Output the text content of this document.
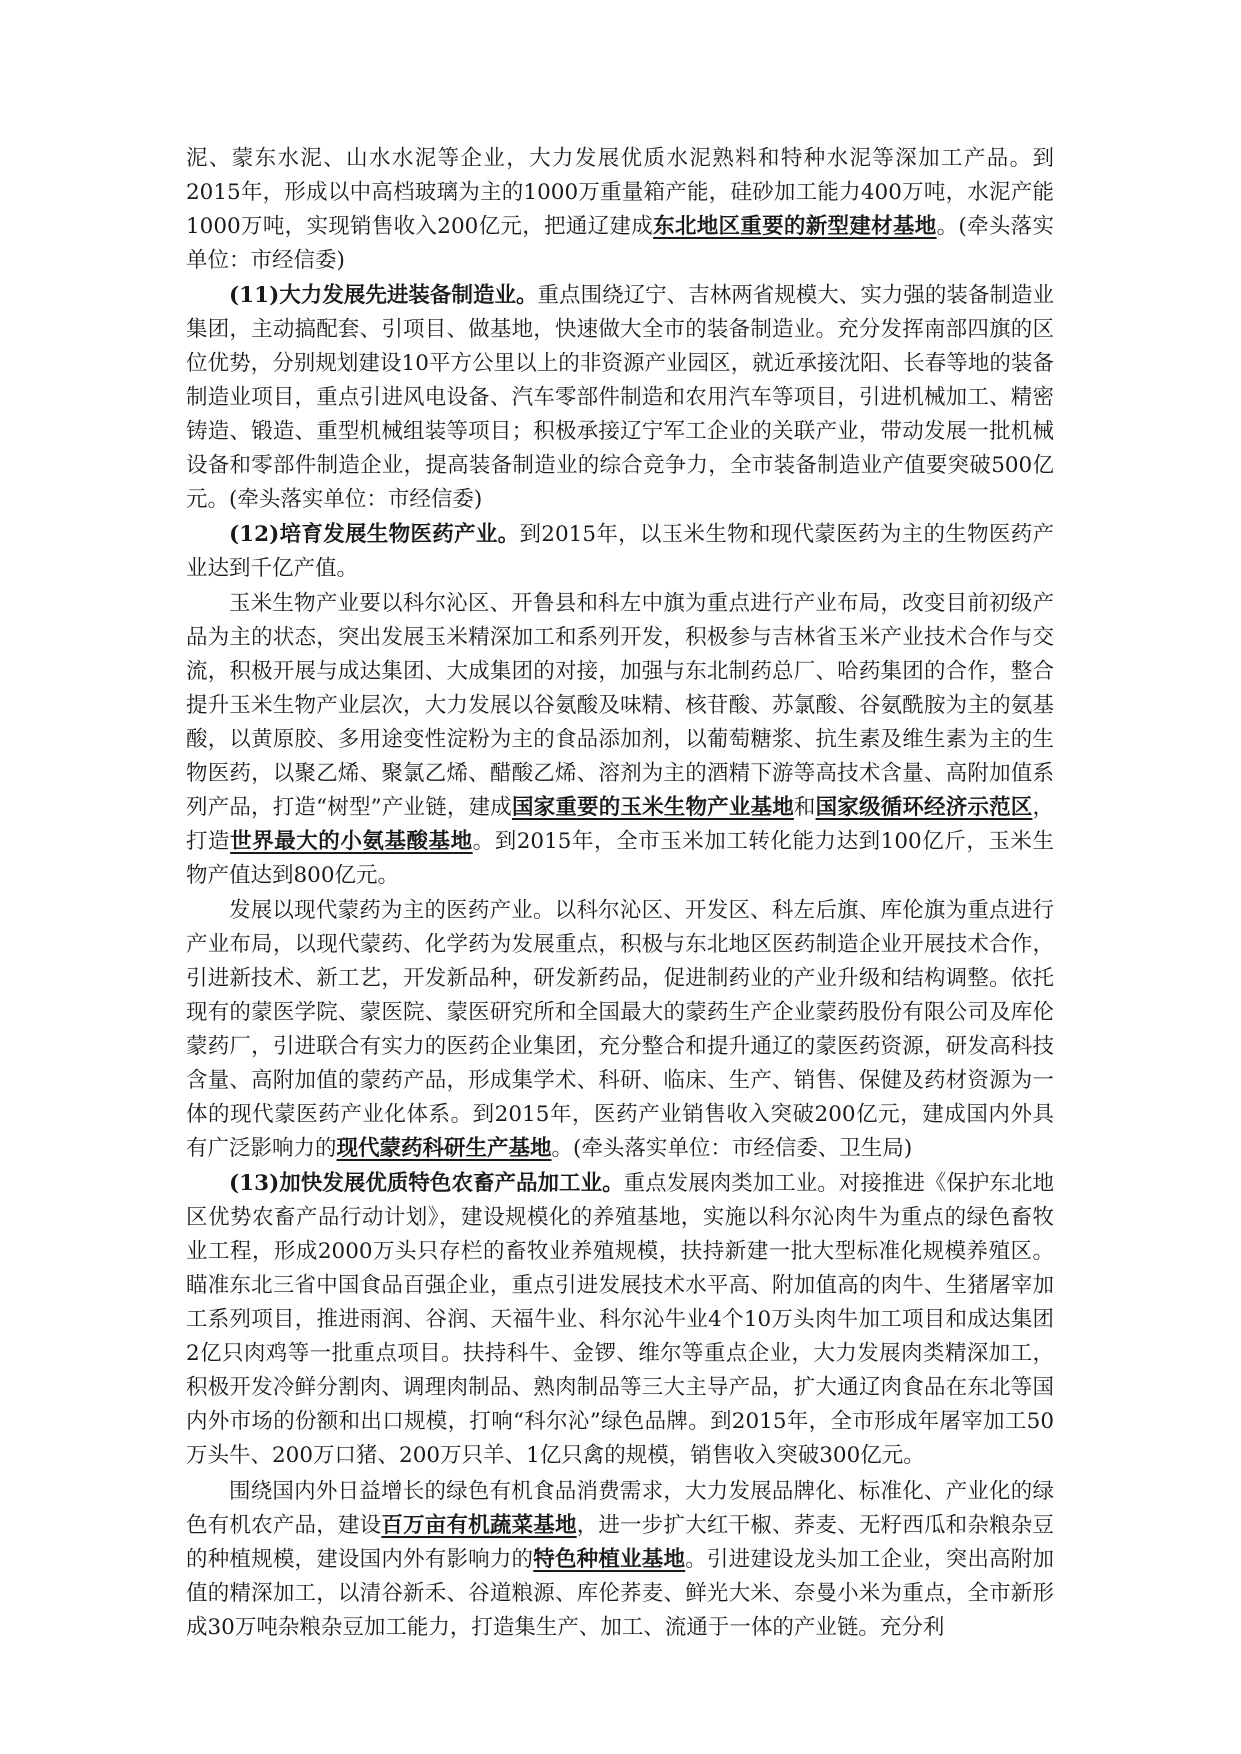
泥、蒙东水泥、山水水泥等企业，大力发展优质水泥熟料和特种水泥等深加工产品。到2015年，形成以中高档玻璃为主的1000万重量箱产能，硅砂加工能力400万吨，水泥产能1000万吨，实现销售收入200亿元，把通辽建成东北地区重要的新型建材基地。(牵头落实单位：市经信委)

(11)大力发展先进装备制造业。重点围绕辽宁、吉林两省规模大、实力强的装备制造业集团，主动搞配套、引项目、做基地，快速做大全市的装备制造业。充分发挥南部四旗的区位优势，分别规划建设10平方公里以上的非资源产业园区，就近承接沈阳、长春等地的装备制造业项目，重点引进风电设备、汽车零部件制造和农用汽车等项目，引进机械加工、精密铸造、锻造、重型机械组装等项目；积极承接辽宁军工企业的关联产业，带动发展一批机械设备和零部件制造企业，提高装备制造业的综合竞争力，全市装备制造业产值要突破500亿元。(牵头落实单位：市经信委)

(12)培育发展生物医药产业。到2015年，以玉米生物和现代蒙医药为主的生物医药产业达到千亿产值。

玉米生物产业要以科尔沁区、开鲁县和科左中旗为重点进行产业布局，改变目前初级产品为主的状态，突出发展玉米精深加工和系列开发，积极参与吉林省玉米产业技术合作与交流，积极开展与成达集团、大成集团的对接，加强与东北制药总厂、哈药集团的合作，整合提升玉米生物产业层次，大力发展以谷氨酸及味精、核苷酸、苏氯酸、谷氨酰胺为主的氨基酸，以黄原胶、多用途变性淀粉为主的食品添加剂，以葡萄糖浆、抗生素及维生素为主的生物医药，以聚乙烯、聚氯乙烯、醋酸乙烯、溶剂为主的酒精下游等高技术含量、高附加值系列产品，打造“树型”产业链，建成国家重要的玉米生物产业基地和国家级循环经济示范区，打造世界最大的小氨基酸基地。到2015年，全市玉米加工转化能力达到100亿斤，玉米生物产值达到800亿元。

发展以现代蒙药为主的医药产业。以科尔沁区、开发区、科左后旗、库伦旗为重点进行产业布局，以现代蒙药、化学药为发展重点，积极与东北地区医药制造企业开展技术合作，引进新技术、新工艺，开发新品种，研发新药品，促进制药业的产业升级和结构调整。依托现有的蒙医学院、蒙医院、蒙医研究所和全国最大的蒙药生产企业蒙药股份有限公司及库伦蒙药厂，引进联合有实力的医药企业集团，充分整合和提升通辽的蒙医药资源，研发高科技含量、高附加值的蒙药产品，形成集学术、科研、临床、生产、销售、保健及药材资源为一体的现代蒙医药产业化体系。到2015年，医药产业销售收入突破200亿元，建成国内外具有广泛影响力的现代蒙药科研生产基地。(牵头落实单位：市经信委、卫生局)

(13)加快发展优质特色农畜产品加工业。重点发展肉类加工业。对接推进《保护东北地区优势农畜产品行动计划》，建设规模化的养殖基地，实施以科尔沁肉牛为重点的绿色畜牧业工程，形成2000万头只存栏的畜牧业养殖规模，扶持新建一批大型标准化规模养殖区。瞄准东北三省中国食品百强企业，重点引进发展技术水平高、附加值高的肉牛、生猪屠宰加工系列项目，推进雨润、谷润、天福牛业、科尔沁牛业4个10万头肉牛加工项目和成达集团2亿只肉鸡等一批重点项目。扶持科牛、金锣、维尔等重点企业，大力发展肉类精深加工，积极开发冷鲜分割肉、调理肉制品、熟肉制品等三大主导产品，扩大通辽肉食品在东北等国内外市场的份额和出口规模，打响“科尔沁”绿色品牌。到2015年，全市形成年屠宰加工50万头牛、200万口猪、200万只羊、1亿只禽的规模，销售收入突破300亿元。

围绕国内外日益增长的绿色有机食品消费需求，大力发展品牌化、标准化、产业化的绿色有机农产品，建设百万亩有机蔬菜基地，进一步扩大红干椒、荞麦、无籽西瓜和杂粮杂豆的种植规模，建设国内外有影响力的特色种植业基地。引进建设龙头加工企业，突出高附加值的精深加工，以清谷新禾、谷道粮源、库伦荞麦、鲜光大米、奈曼小米为重点，全市新形成30万吨杂粮杂豆加工能力，打造集生产、加工、流通于一体的产业链。充分利
